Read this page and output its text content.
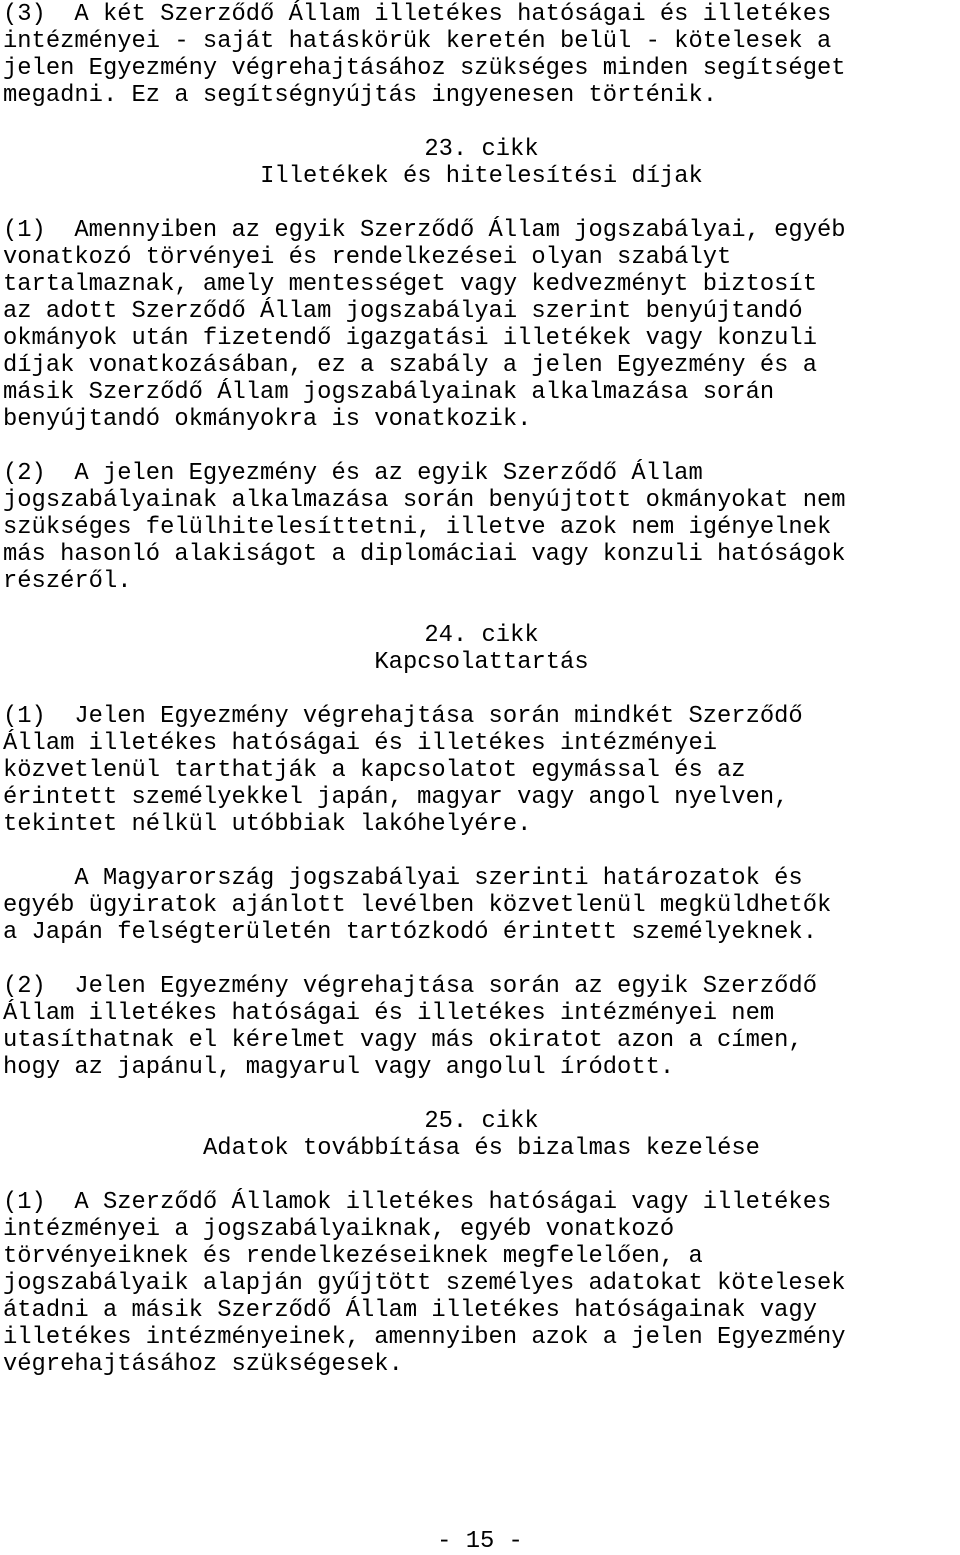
(3)  A két Szerződő Állam illetékes hatóságai és illetékes
intézményei - saját hatáskörük keretén belül - kötelesek a
jelen Egyezmény végrehajtásához szükséges minden segítséget
megadni. Ez a segítségnyújtás ingyenesen történik.
23. cikk
Illetékek és hitelesítési díjak
(1)  Amennyiben az egyik Szerződő Állam jogszabályai, egyéb
vonatkozó törvényei és rendelkezései olyan szabályt
tartalmaznak, amely mentességet vagy kedvezményt biztosít
az adott Szerződő Állam jogszabályai szerint benyújtandó
okmányok után fizetendő igazgatási illetékek vagy konzuli
díjak vonatkozásában, ez a szabály a jelen Egyezmény és a
másik Szerződő Állam jogszabályainak alkalmazása során
benyújtandó okmányokra is vonatkozik.
(2)  A jelen Egyezmény és az egyik Szerződő Állam
jogszabályainak alkalmazása során benyújtott okmányokat nem
szükséges felülhitelesíttetni, illetve azok nem igényelnek
más hasonló alakiságot a diplomáciai vagy konzuli hatóságok
részéről.
24. cikk
Kapcsolattartás
(1)  Jelen Egyezmény végrehajtása során mindkét Szerződő
Állam illetékes hatóságai és illetékes intézményei
közvetlenül tarthatják a kapcsolatot egymással és az
érintett személyekkel japán, magyar vagy angol nyelven,
tekintet nélkül utóbbiak lakóhelyére.
A Magyarország jogszabályai szerinti határozatok és
egyéb ügyiratok ajánlott levélben közvetlenül megküldhetők
a Japán felségterületén tartózkodó érintett személyeknek.
(2)  Jelen Egyezmény végrehajtása során az egyik Szerződő
Állam illetékes hatóságai és illetékes intézményei nem
utasíthatnak el kérelmet vagy más okiratot azon a címen,
hogy az japánul, magyarul vagy angolul íródott.
25. cikk
Adatok továbbítása és bizalmas kezelése
(1)  A Szerződő Államok illetékes hatóságai vagy illetékes
intézményei a jogszabályaiknak, egyéb vonatkozó
törvényeiknek és rendelkezéseiknek megfelelően, a
jogszabályaik alapján gyűjtött személyes adatokat kötelesek
átadni a másik Szerződő Állam illetékes hatóságainak vagy
illetékes intézményeinek, amennyiben azok a jelen Egyezmény
végrehajtásához szükségesek.
- 15 -
